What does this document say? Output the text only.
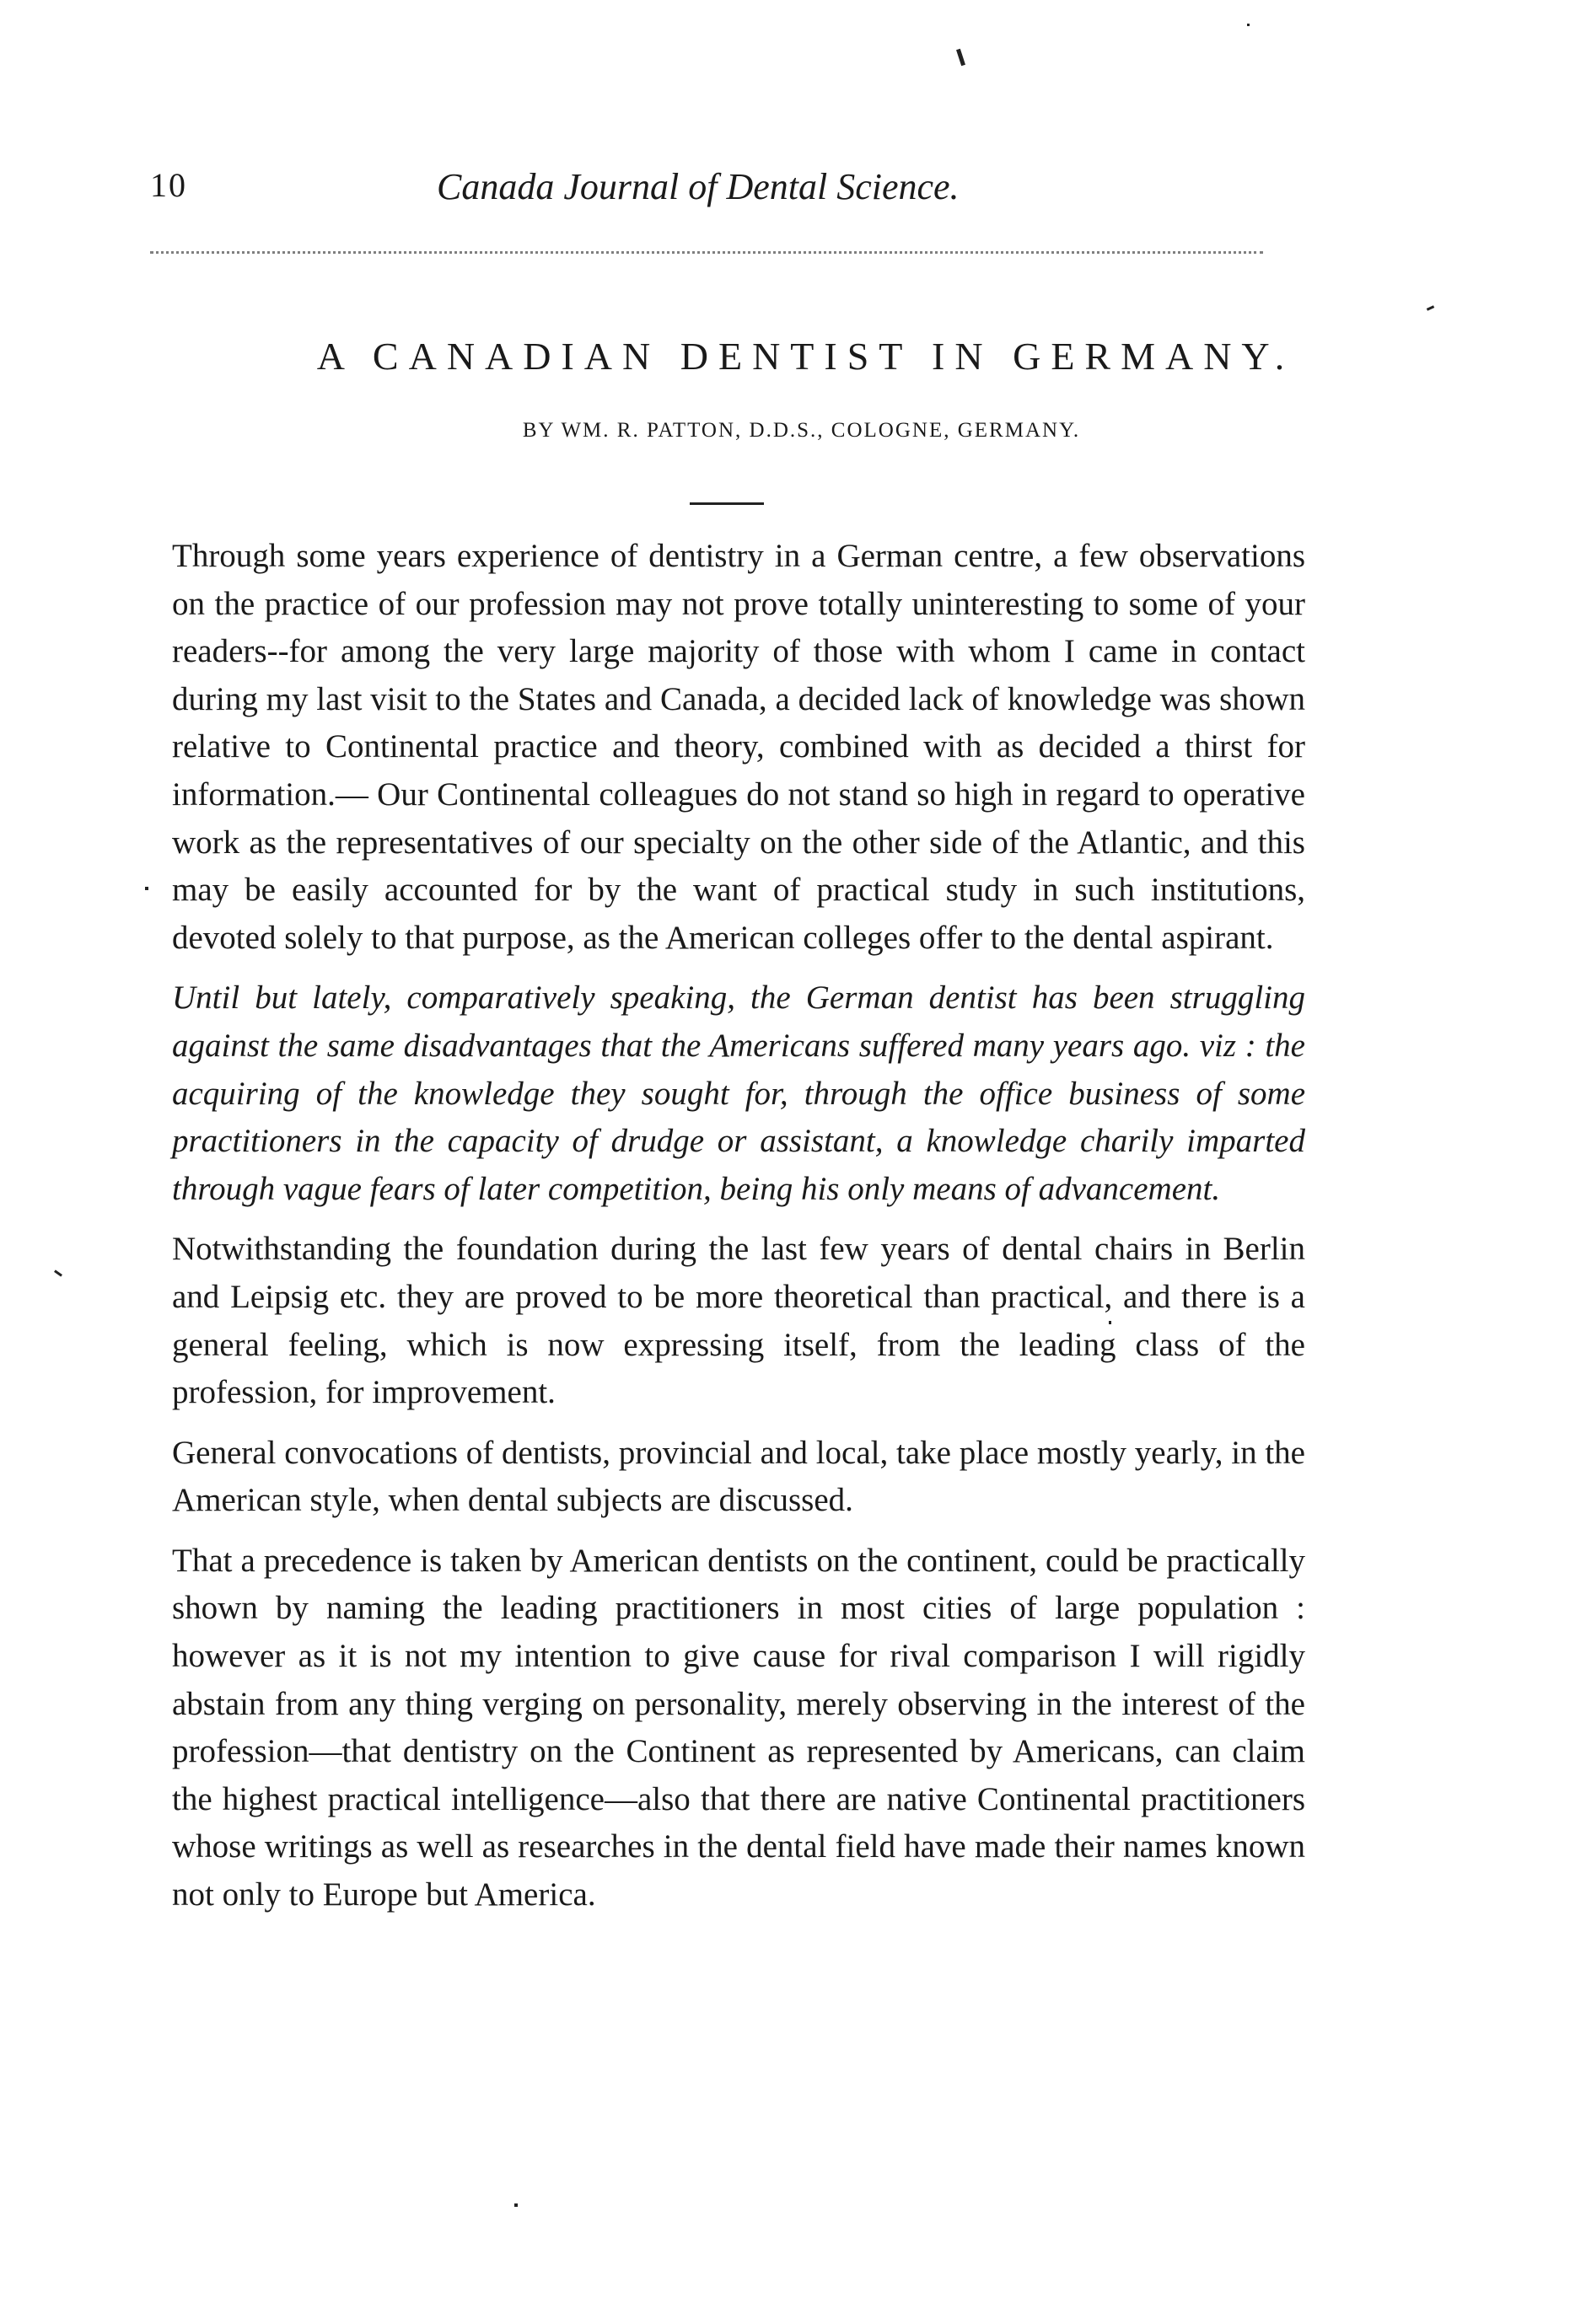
10	Canada Journal of Dental Science.
A CANADIAN DENTIST IN GERMANY.
BY WM. R. PATTON, D.D.S., COLOGNE, GERMANY.

Through some years experience of dentistry in a German centre, a few observations on the practice of our profession may not prove totally uninteresting to some of your readers--for among the very large majority of those with whom I came in contact during my last visit to the States and Canada, a decided lack of knowledge was shown relative to Continental practice and theory, combined with as decided a thirst for information.— Our Continental colleagues do not stand so high in regard to operative work as the representatives of our specialty on the other side of the Atlantic, and this may be easily accounted for by the want of practical study in such institutions, devoted solely to that purpose, as the American colleges offer to the dental aspirant.

Until but lately, comparatively speaking, the German dentist has been struggling against the same disadvantages that the Americans suffered many years ago. viz : the acquiring of the knowledge they sought for, through the office business of some practitioners in the capacity of drudge or assistant, a knowledge charily imparted through vague fears of later competition, being his only means of advancement.

Notwithstanding the foundation during the last few years of dental chairs in Berlin and Leipsig etc. they are proved to be more theoretical than practical, and there is a general feeling, which is now expressing itself, from the leading class of the profession, for improvement.

General convocations of dentists, provincial and local, take place mostly yearly, in the American style, when dental subjects are discussed.

That a precedence is taken by American dentists on the continent, could be practically shown by naming the leading practitioners in most cities of large population : however as it is not my intention to give cause for rival comparison I will rigidly abstain from any thing verging on personality, merely observing in the interest of the profession—that dentistry on the Continent as represented by Americans, can claim the highest practical intelligence—also that there are native Continental practitioners whose writings as well as researches in the dental field have made their names known not only to Europe but America.
